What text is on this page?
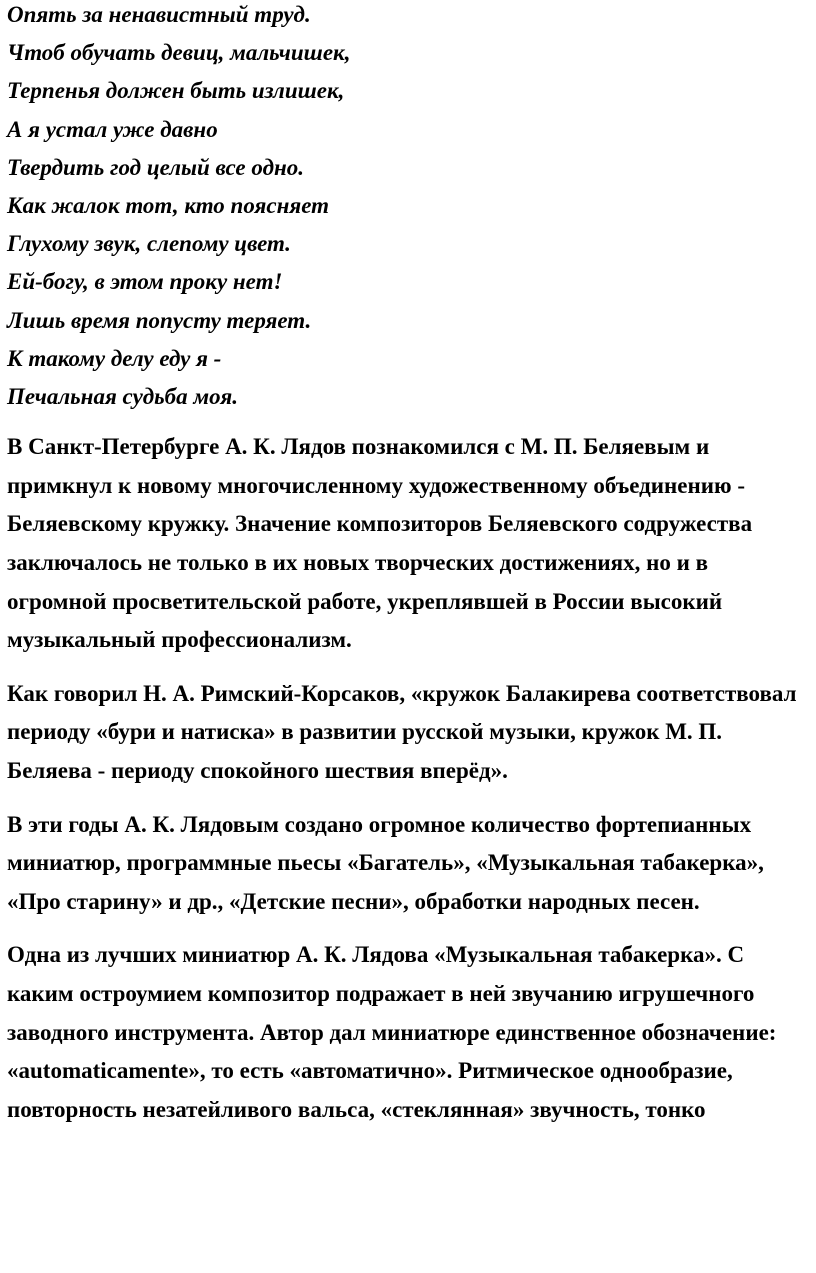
Опять за ненавистный труд.
Чтоб обучать девиц, мальчишек,
Терпенья должен быть излишек,
А я устал уже давно
Твердить год целый все одно.
Как жалок тот, кто поясняет
Глухому звук, слепому цвет.
Ей-богу, в этом проку нет!
Лишь время попусту теряет.
К такому делу еду я -
Печальная судьба моя.

В Санкт-Петербурге А. К. Лядов познакомился с М. П. Беляевым и примкнул к новому многочисленному художественному объединению - Беляевскому кружку. Значение композиторов Беляевского содружества заключалось не только в их новых творческих достижениях, но и в огромной просветительской работе, укреплявшей в России высокий музыкальный профессионализм.

Как говорил Н. А. Римский-Корсаков, «кружок Балакирева соответствовал периоду «бури и натиска» в развитии русской музыки, кружок М. П. Беляева - периоду спокойного шествия вперёд».

В эти годы А. К. Лядовым создано огромное количество фортепианных миниатюр, программные пьесы «Багатель», «Музыкальная табакерка», «Про старину» и др., «Детские песни», обработки народных песен.

Одна из лучших миниатюр А. К. Лядова «Музыкальная табакерка». С каким остроумием композитор подражает в ней звучанию игрушечного заводного инструмента. Автор дал миниатюре единственное обозначение: «automaticamente», то есть «автоматично». Ритмическое однообразие, повторность незатейливого вальса, «стеклянная» звучность, тонко
